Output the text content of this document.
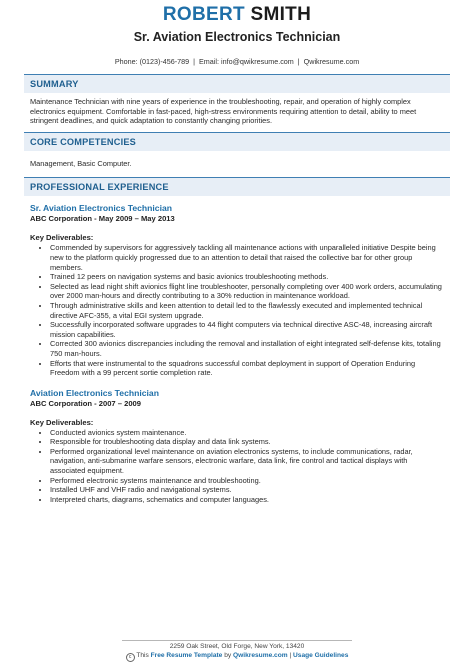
ROBERT SMITH
Sr. Aviation Electronics Technician
Phone: (0123)-456-789 | Email: info@qwikresume.com | Qwikresume.com
SUMMARY
Maintenance Technician with nine years of experience in the troubleshooting, repair, and operation of highly complex electronics equipment. Comfortable in fast-paced, high-stress environments requiring attention to detail, ability to meet stringent deadlines, and quick adaptation to constantly changing priorities.
CORE COMPETENCIES
Management, Basic Computer.
PROFESSIONAL EXPERIENCE
Sr. Aviation Electronics Technician
ABC Corporation - May 2009 – May 2013
Key Deliverables:
• Commended by supervisors for aggressively tackling all maintenance actions with unparalleled initiative Despite being new to the platform quickly progressed due to an attention to detail that raised the collective bar for other group members.
• Trained 12 peers on navigation systems and basic avionics troubleshooting methods.
• Selected as lead night shift avionics flight line troubleshooter, personally completing over 400 work orders, accumulating over 2000 man-hours and directly contributing to a 30% reduction in maintenance workload.
• Through administrative skills and keen attention to detail led to the flawlessly executed and implemented technical directive AFC-355, a vital EGI system upgrade.
• Successfully incorporated software upgrades to 44 flight computers via technical directive ASC-48, increasing aircraft mission capabilities.
• Corrected 300 avionics discrepancies including the removal and installation of eight integrated self-defense kits, totaling 750 man-hours.
• Efforts that were instrumental to the squadrons successful combat deployment in support of Operation Enduring Freedom with a 99 percent sortie completion rate.
Aviation Electronics Technician
ABC Corporation - 2007 – 2009
Key Deliverables:
• Conducted avionics system maintenance.
• Responsible for troubleshooting data display and data link systems.
• Performed organizational level maintenance on aviation electronics systems, to include communications, radar, navigation, anti-submarine warfare sensors, electronic warfare, data link, fire control and tactical displays with associated equipment.
• Performed electronic systems maintenance and troubleshooting.
• Installed UHF and VHF radio and navigational systems.
• Interpreted charts, diagrams, schematics and computer languages.
2259 Oak Street, Old Forge, New York, 13420
c This Free Resume Template by Qwikresume.com | Usage Guidelines
